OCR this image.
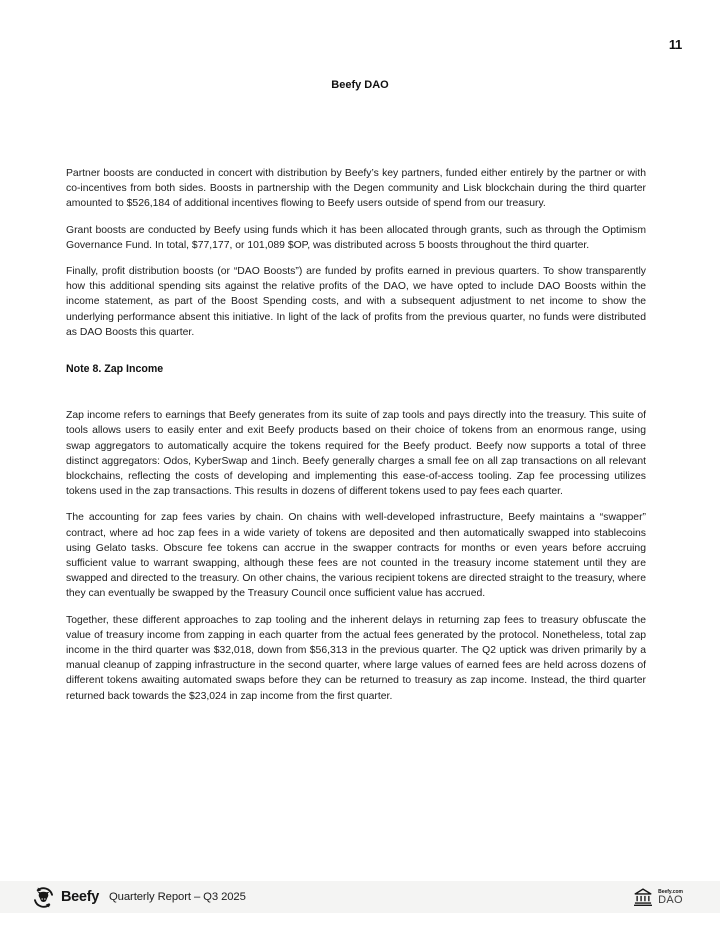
11
Beefy DAO

Partner boosts are conducted in concert with distribution by Beefy’s key partners, funded either entirely by the partner or with co-incentives from both sides. Boosts in partnership with the Degen community and Lisk blockchain during the third quarter amounted to $526,184 of additional incentives flowing to Beefy users outside of spend from our treasury.

Grant boosts are conducted by Beefy using funds which it has been allocated through grants, such as through the Optimism Governance Fund. In total, $77,177, or 101,089 $OP, was distributed across 5 boosts throughout the third quarter.

Finally, profit distribution boosts (or “DAO Boosts”) are funded by profits earned in previous quarters. To show transparently how this additional spending sits against the relative profits of the DAO, we have opted to include DAO Boosts within the income statement, as part of the Boost Spending costs, and with a subsequent adjustment to net income to show the underlying performance absent this initiative. In light of the lack of profits from the previous quarter, no funds were distributed as DAO Boosts this quarter.

Note 8. Zap Income

Zap income refers to earnings that Beefy generates from its suite of zap tools and pays directly into the treasury. This suite of tools allows users to easily enter and exit Beefy products based on their choice of tokens from an enormous range, using swap aggregators to automatically acquire the tokens required for the Beefy product. Beefy now supports a total of three distinct aggregators: Odos, KyberSwap and 1inch. Beefy generally charges a small fee on all zap transactions on all relevant blockchains, reflecting the costs of developing and implementing this ease-of-access tooling. Zap fee processing utilizes tokens used in the zap transactions. This results in dozens of different tokens used to pay fees each quarter.

The accounting for zap fees varies by chain. On chains with well-developed infrastructure, Beefy maintains a “swapper” contract, where ad hoc zap fees in a wide variety of tokens are deposited and then automatically swapped into stablecoins using Gelato tasks. Obscure fee tokens can accrue in the swapper contracts for months or even years before accruing sufficient value to warrant swapping, although these fees are not counted in the treasury income statement until they are swapped and directed to the treasury. On other chains, the various recipient tokens are directed straight to the treasury, where they can eventually be swapped by the Treasury Council once sufficient value has accrued.

Together, these different approaches to zap tooling and the inherent delays in returning zap fees to treasury obfuscate the value of treasury income from zapping in each quarter from the actual fees generated by the protocol. Nonetheless, total zap income in the third quarter was $32,018, down from $56,313 in the previous quarter. The Q2 uptick was driven primarily by a manual cleanup of zapping infrastructure in the second quarter, where large values of earned fees are held across dozens of different tokens awaiting automated swaps before they can be returned to treasury as zap income. Instead, the third quarter returned back towards the $23,024 in zap income from the first quarter.

Beefy Quarterly Report – Q3 2025	Beefy.com
DAO
